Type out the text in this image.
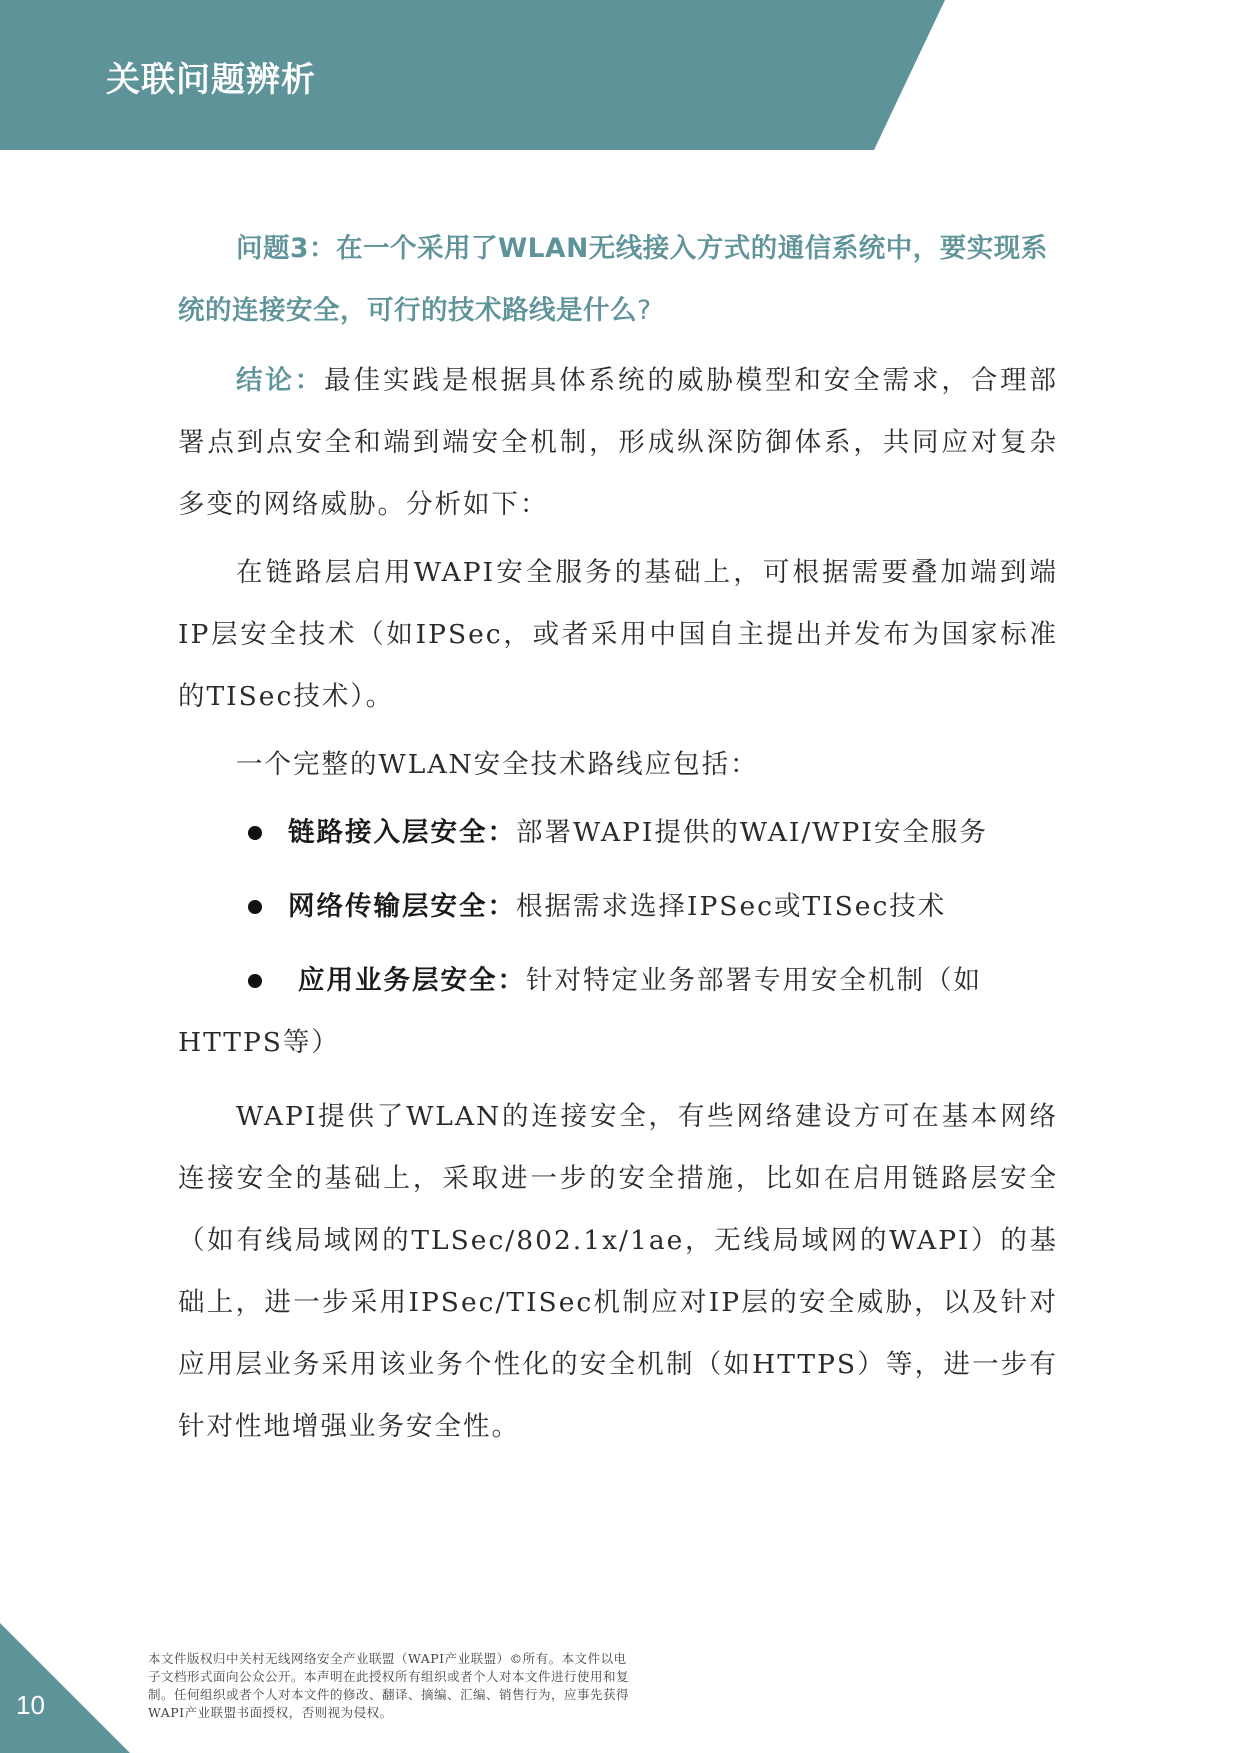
关联问题辨析

问题3：在一个采用了WLAN无线接入方式的通信系统中，要实现系统的连接安全，可行的技术路线是什么?

结论：最佳实践是根据具体系统的威胁模型和安全需求，合理部署点到点安全和端到端安全机制，形成纵深防御体系，共同应对复杂多变的网络威胁。分析如下：

在链路层启用WAPI安全服务的基础上，可根据需要叠加端到端IP层安全技术（如IPSec，或者采用中国自主提出并发布为国家标准的TISec技术）。

一个完整的WLAN安全技术路线应包括：

链路接入层安全：部署WAPI提供的WAI/WPI安全服务
网络传输层安全：根据需求选择IPSec或TISec技术
应用业务层安全：针对特定业务部署专用安全机制（如HTTPS等）

WAPI提供了WLAN的连接安全，有些网络建设方可在基本网络连接安全的基础上，采取进一步的安全措施，比如在启用链路层安全（如有线局域网的TLSec/802.1x/1ae，无线局域网的WAPI）的基础上，进一步采用IPSec/TISec机制应对IP层的安全威胁，以及针对应用层业务采用该业务个性化的安全机制（如HTTPS）等，进一步有针对性地增强业务安全性。

10
本文件版权归中关村无线网络安全产业联盟（WAPI产业联盟）©所有。本文件以电子文档形式面向公众公开。本声明在此授权所有组织或者个人对本文件进行使用和复制。任何组织或者个人对本文件的修改、翻译、摘编、汇编、销售行为，应事先获得WAPI产业联盟书面授权，否则视为侵权。
